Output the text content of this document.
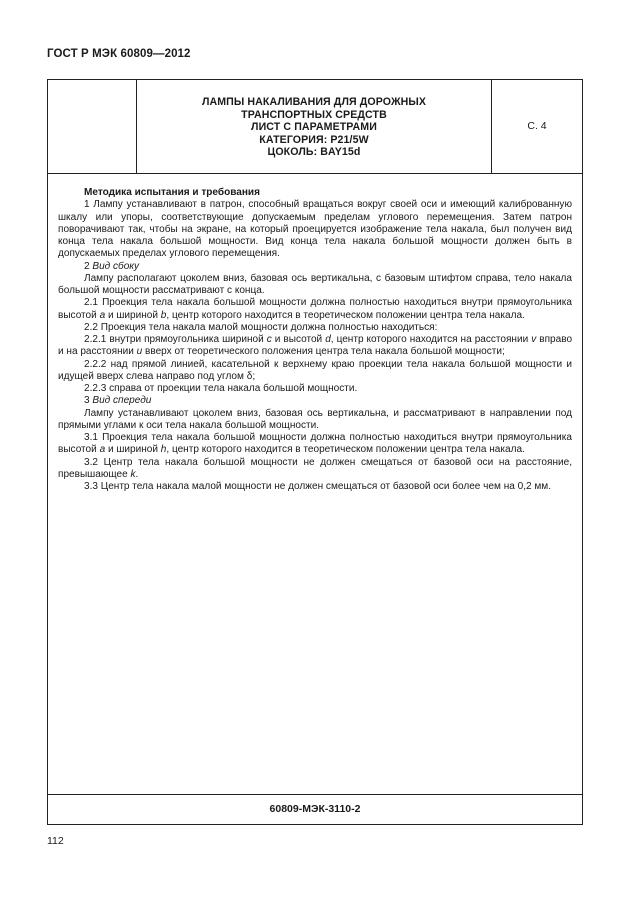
ГОСТ Р МЭК 60809—2012
ЛАМПЫ НАКАЛИВАНИЯ ДЛЯ ДОРОЖНЫХ
ТРАНСПОРТНЫХ СРЕДСТВ
ЛИСТ С ПАРАМЕТРАМИ
КАТЕГОРИЯ: P21/5W
ЦОКОЛЬ: BAY15d
С. 4

Методика испытания и требования

1 Лампу устанавливают в патрон, способный вращаться вокруг своей оси и имеющий калиброванную шкалу или упоры, соответствующие допускаемым пределам углового перемещения. Затем патрон поворачивают так, чтобы на экране, на который проецируется изображение тела накала, был получен вид конца тела накала большой мощности. Вид конца тела накала большой мощности должен быть в допускаемых пределах углового перемещения.

2 Вид сбоку

Лампу располагают цоколем вниз, базовая ось вертикальна, с базовым штифтом справа, тело накала большой мощности рассматривают с конца.

2.1 Проекция тела накала большой мощности должна полностью находиться внутри прямоугольника высотой a и шириной b, центр которого находится в теоретическом положении центра тела накала.

2.2 Проекция тела накала малой мощности должна полностью находиться:

2.2.1 внутри прямоугольника шириной c и высотой d, центр которого находится на расстоянии v вправо и на расстоянии u вверх от теоретического положения центра тела накала большой мощности;

2.2.2 над прямой линией, касательной к верхнему краю проекции тела накала большой мощности и идущей вверх слева направо под углом δ;

2.2.3 справа от проекции тела накала большой мощности.

3 Вид спереди

Лампу устанавливают цоколем вниз, базовая ось вертикальна, и рассматривают в направлении под прямыми углами к оси тела накала большой мощности.

3.1 Проекция тела накала большой мощности должна полностью находиться внутри прямоугольника высотой a и шириной h, центр которого находится в теоретическом положении центра тела накала.

3.2 Центр тела накала большой мощности не должен смещаться от базовой оси на расстояние, превышающее k.

3.3 Центр тела накала малой мощности не должен смещаться от базовой оси более чем на 0,2 мм.

60809-МЭК-3110-2
112
